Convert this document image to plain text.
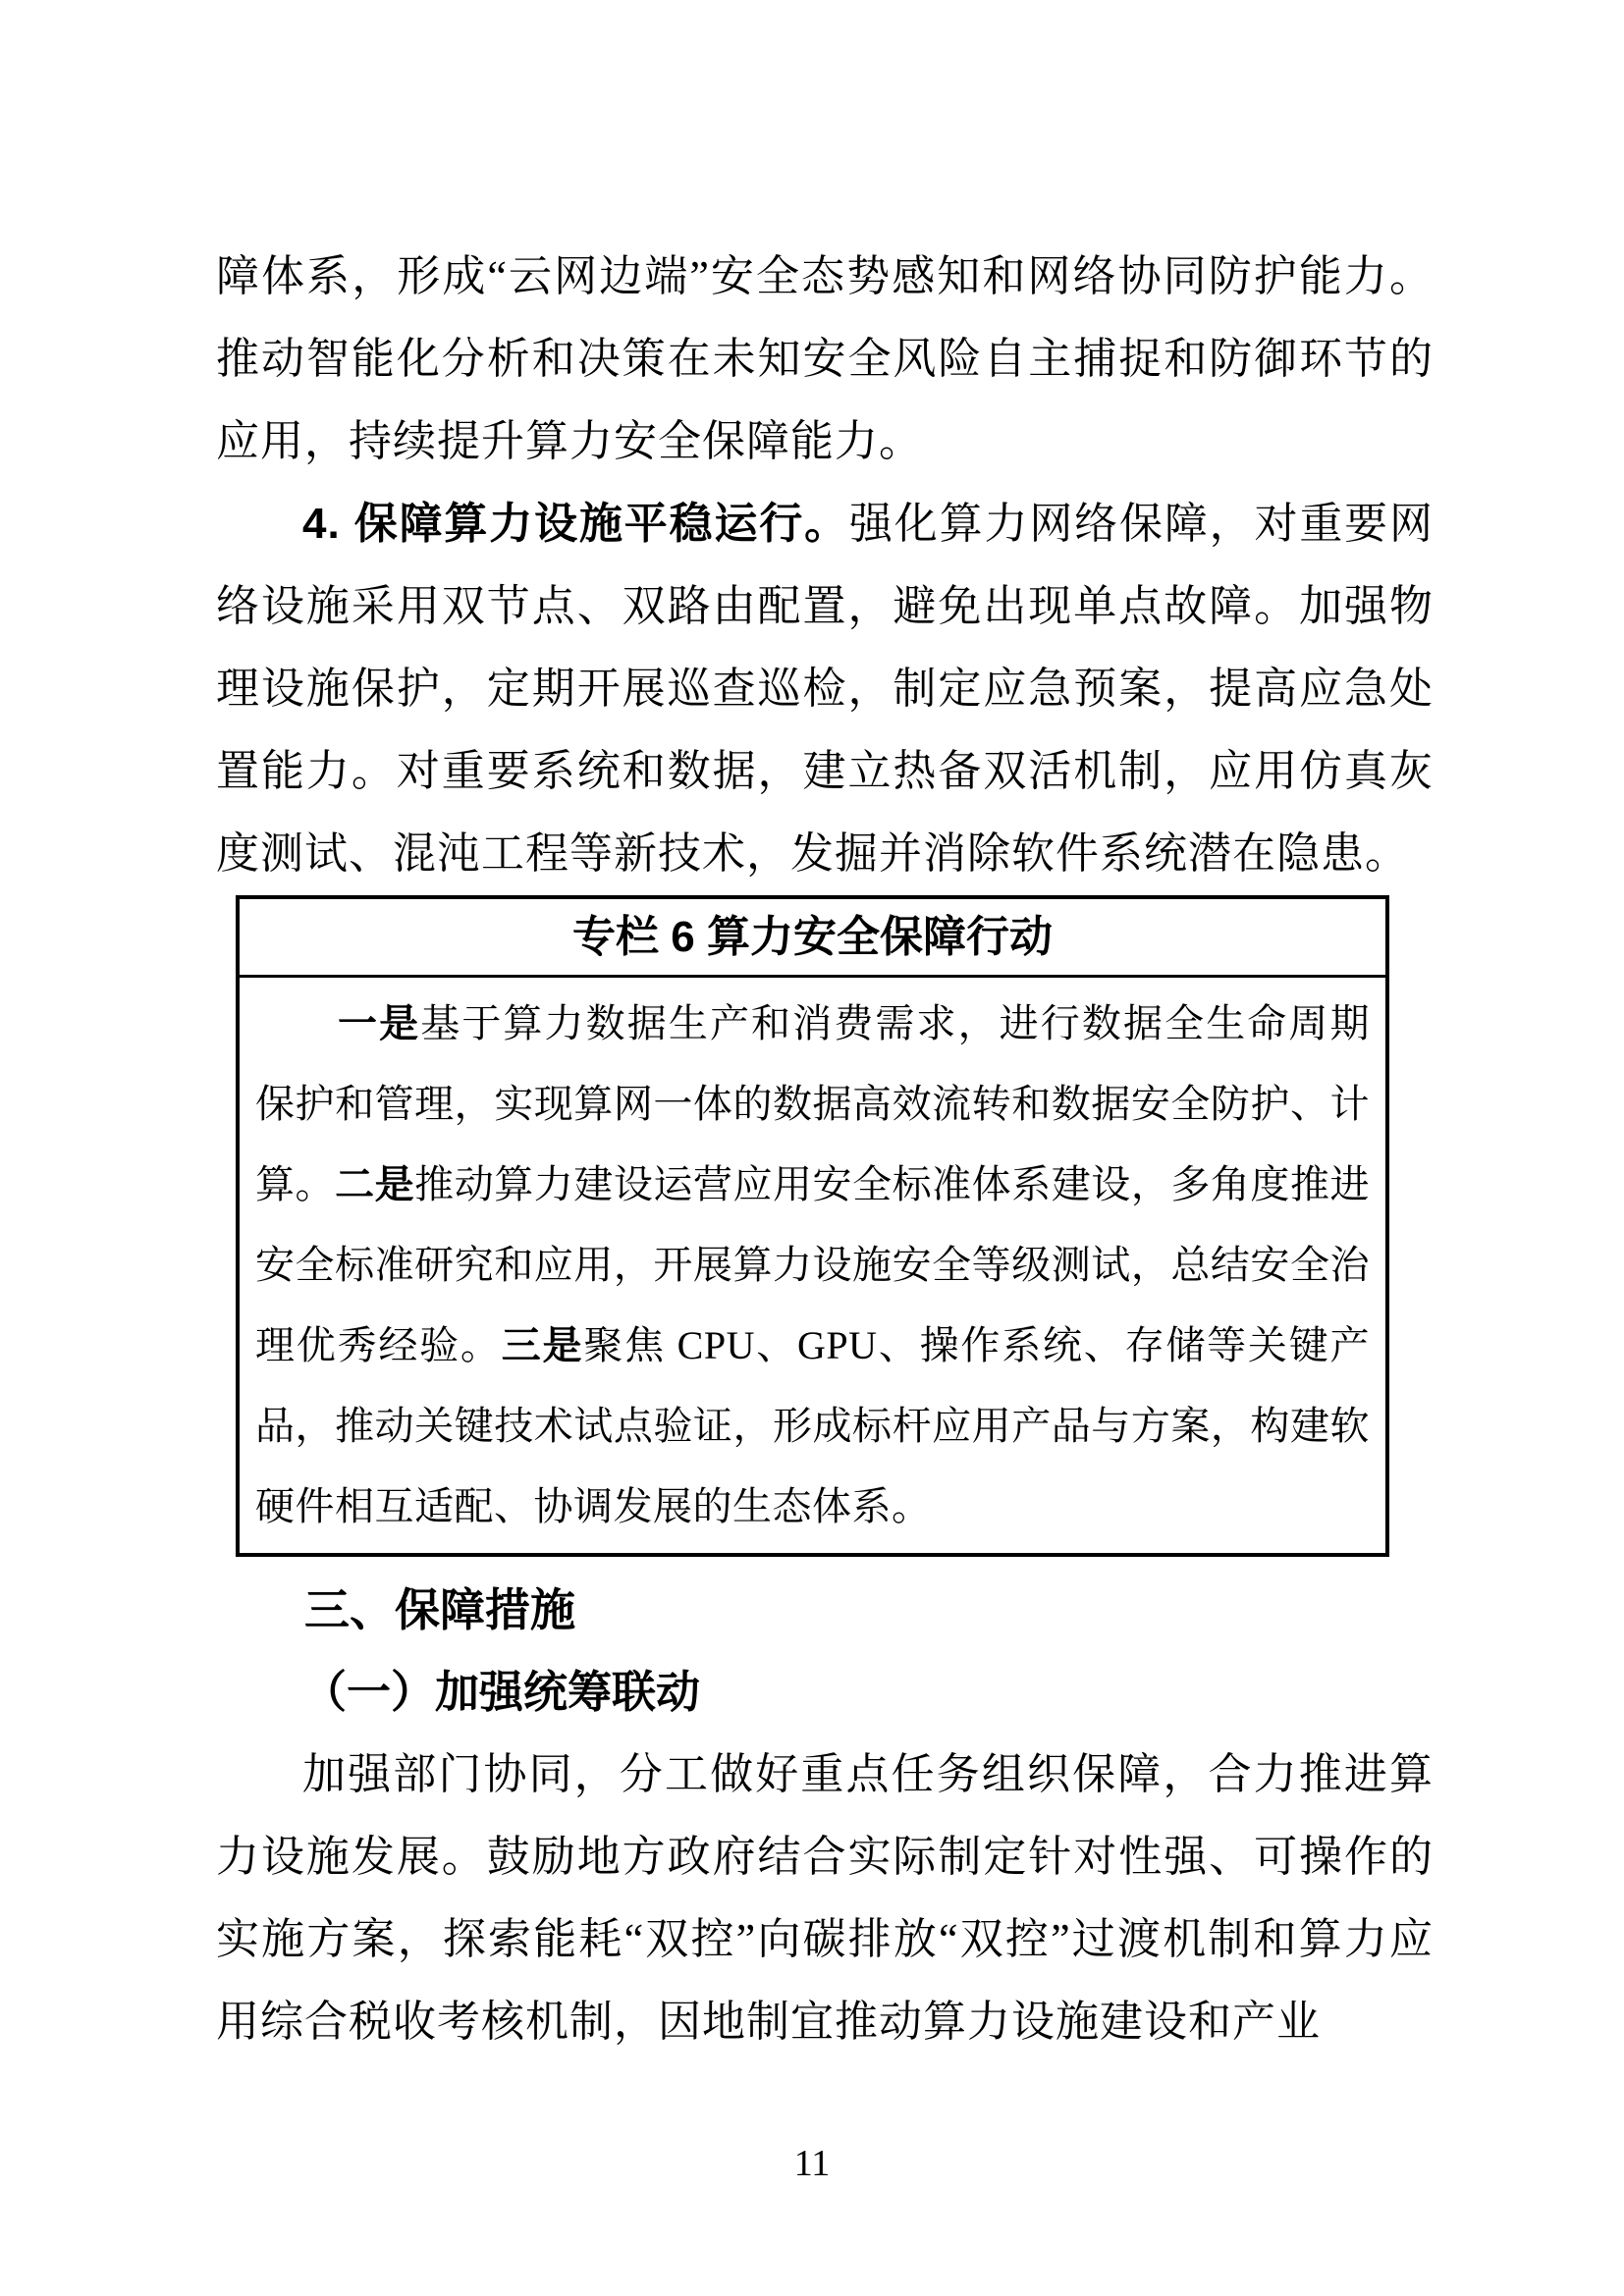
障体系，形成“云网边端”安全态势感知和网络协同防护能力。推动智能化分析和决策在未知安全风险自主捕捉和防御环节的应用，持续提升算力安全保障能力。

4. 保障算力设施平稳运行。强化算力网络保障，对重要网络设施采用双节点、双路由配置，避免出现单点故障。加强物理设施保护，定期开展巡查巡检，制定应急预案，提高应急处置能力。对重要系统和数据，建立热备双活机制，应用仿真灰度测试、混沌工程等新技术，发掘并消除软件系统潜在隐患。

专栏 6 算力安全保障行动
一是基于算力数据生产和消费需求，进行数据全生命周期保护和管理，实现算网一体的数据高效流转和数据安全防护、计算。二是推动算力建设运营应用安全标准体系建设，多角度推进安全标准研究和应用，开展算力设施安全等级测试，总结安全治理优秀经验。三是聚焦 CPU、GPU、操作系统、存储等关键产品，推动关键技术试点验证，形成标杆应用产品与方案，构建软硬件相互适配、协调发展的生态体系。
三、保障措施
（一）加强统筹联动

加强部门协同，分工做好重点任务组织保障，合力推进算力设施发展。鼓励地方政府结合实际制定针对性强、可操作的实施方案，探索能耗“双控”向碳排放“双控”过渡机制和算力应用综合税收考核机制，因地制宜推动算力设施建设和产业

11
